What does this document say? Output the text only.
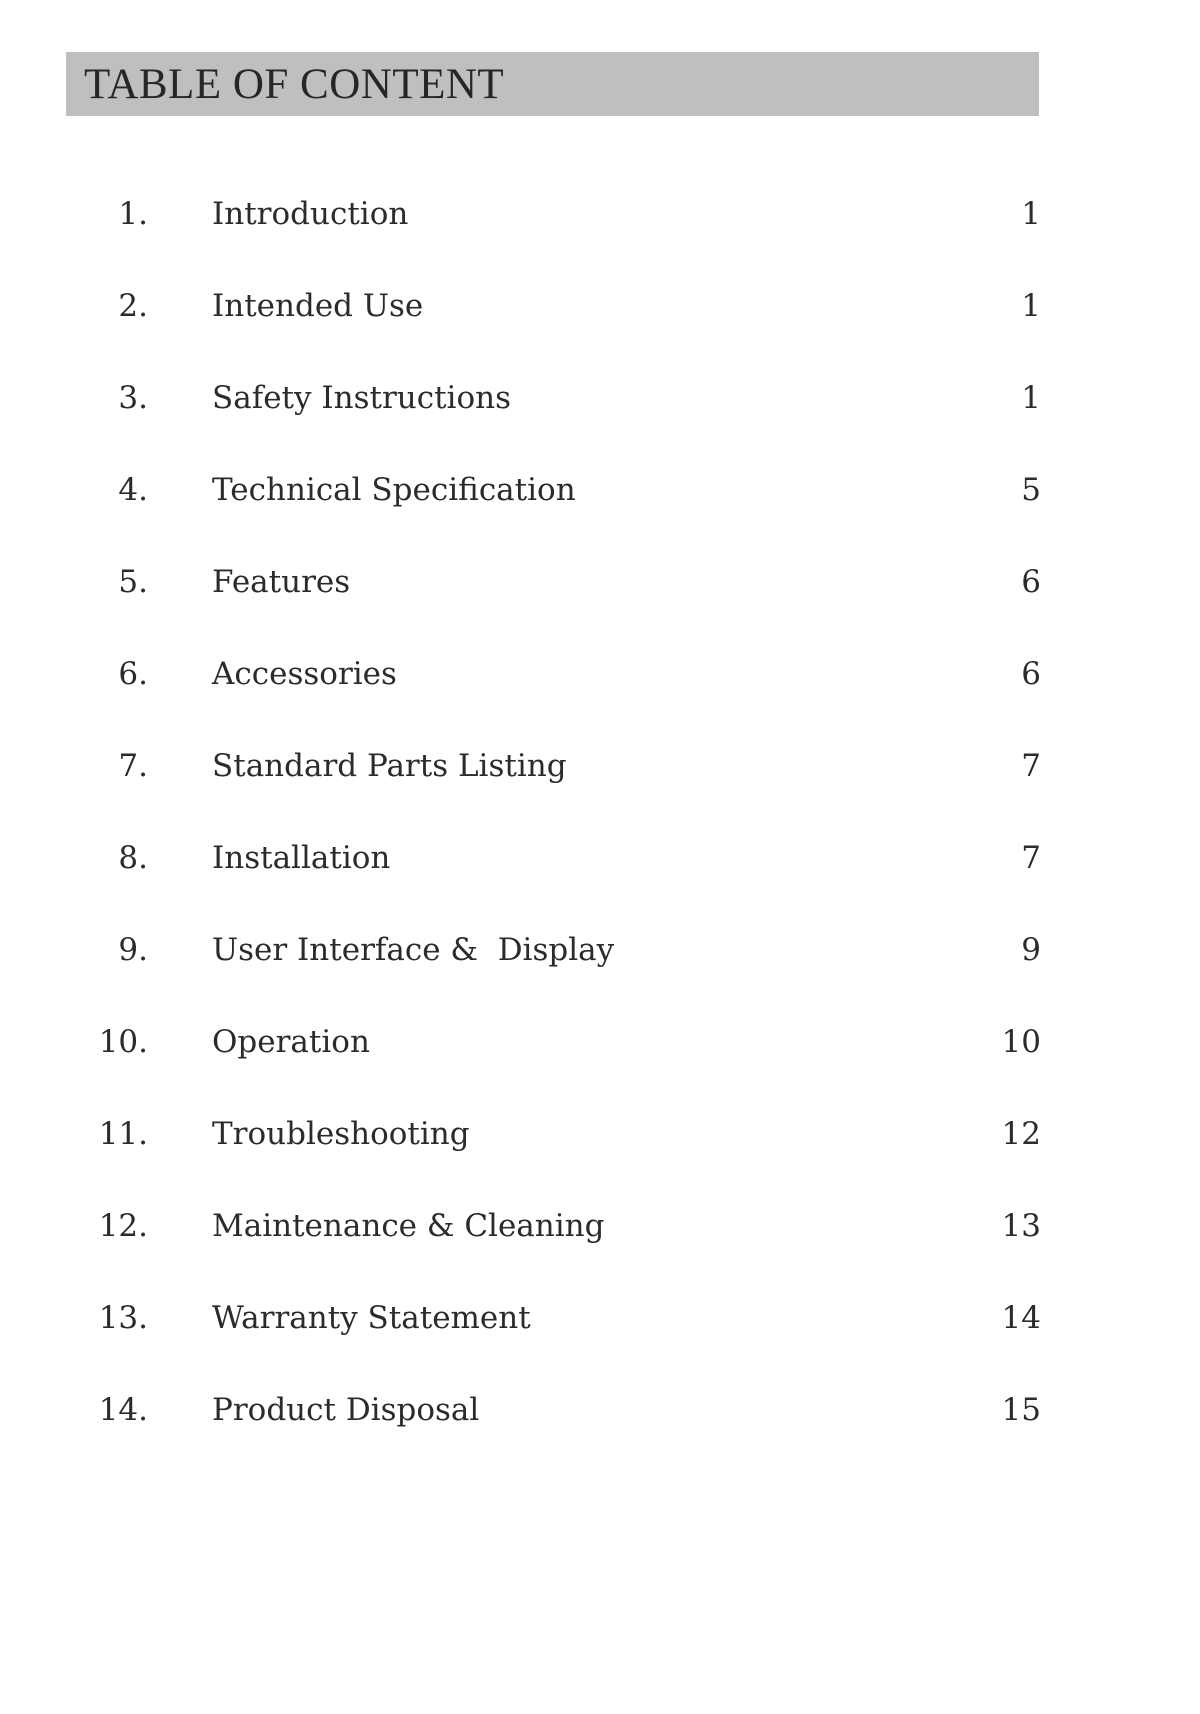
TABLE OF CONTENT
1.	Introduction	1
2.	Intended Use	1
3.	Safety Instructions	1
4.	Technical Specification	5
5.	Features	6
6.	Accessories	6
7.	Standard Parts Listing	7
8.	Installation	7
9.	User Interface &  Display	9
10.	Operation	10
11.	Troubleshooting	12
12.	Maintenance & Cleaning	13
13.	Warranty Statement	14
14.	Product Disposal	15
